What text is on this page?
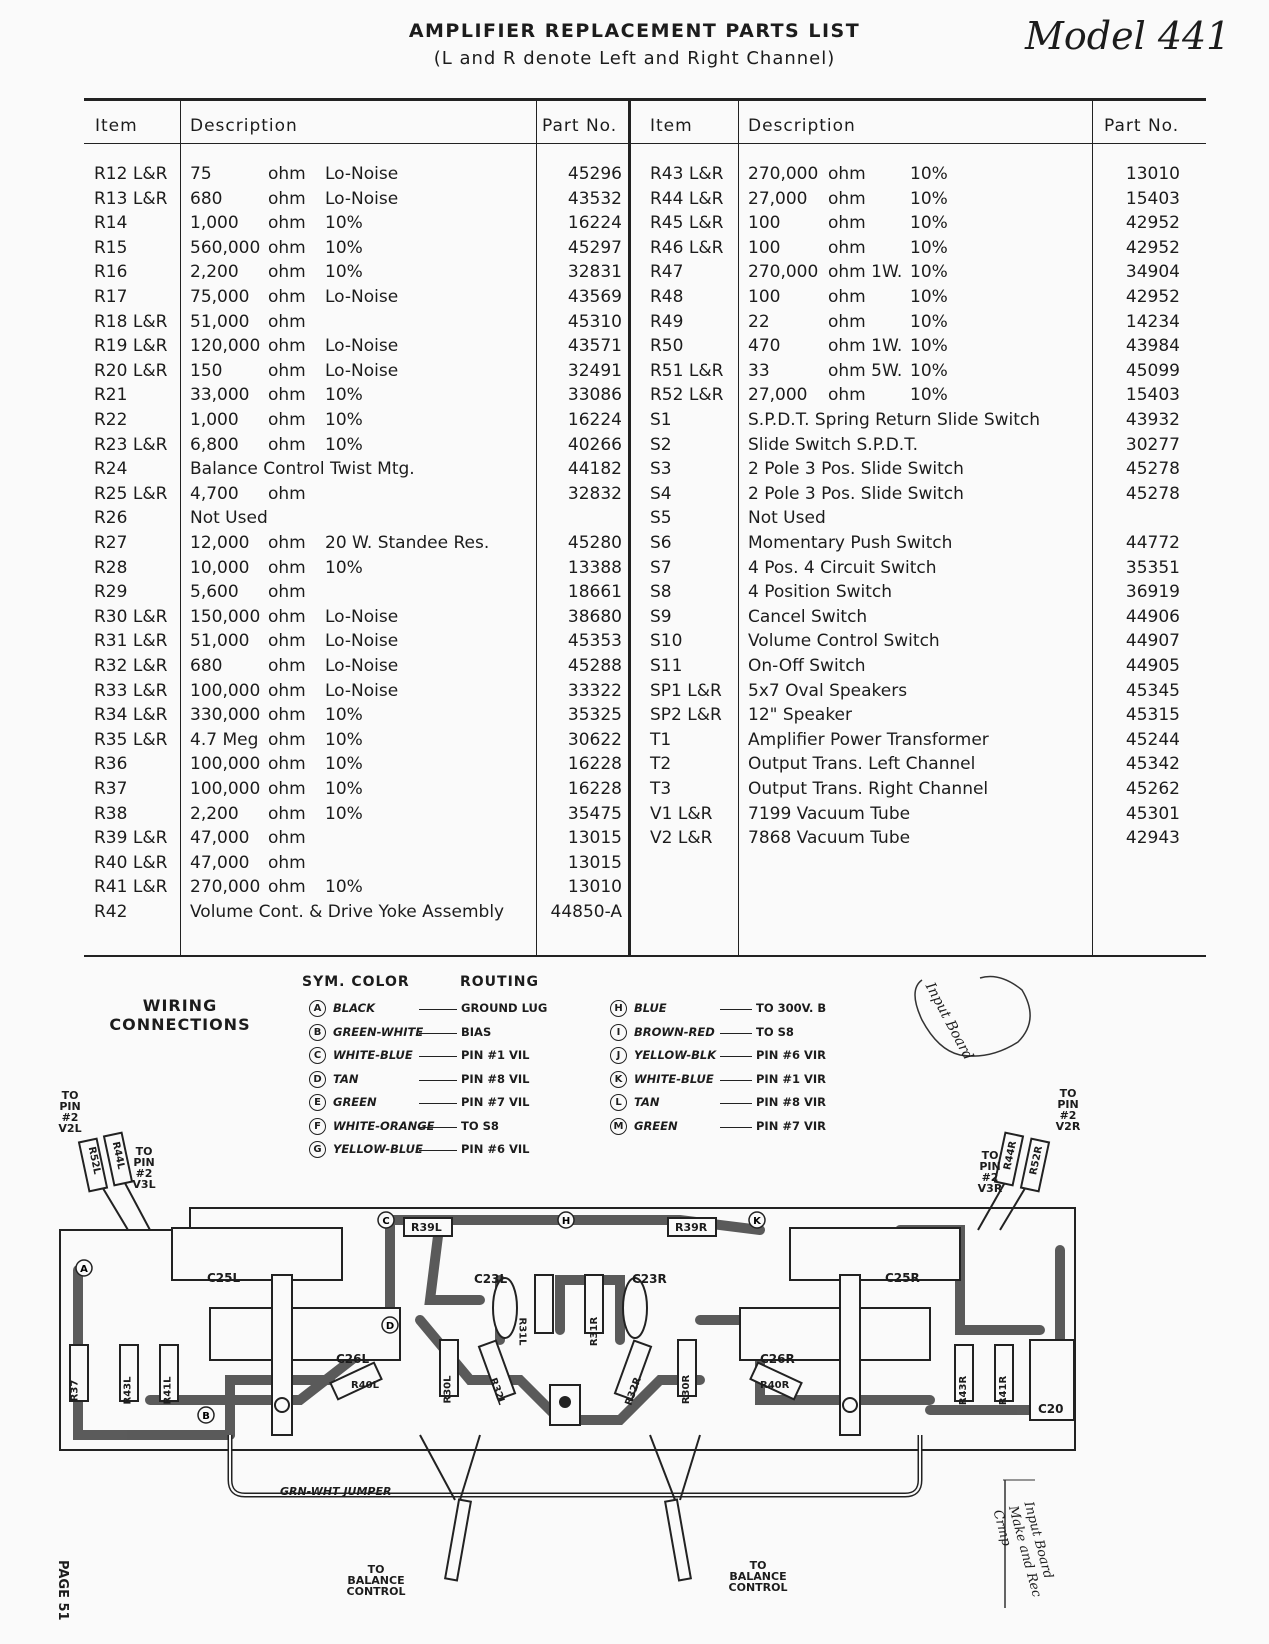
AMPLIFIER REPLACEMENT PARTS LIST
(L and R denote Left and Right Channel)
Model 441
Item	Description	Part No. Item	Description	Part No.
R12 L&R 75	ohm Lo-Noise	45296
R13 L&R 680	ohm Lo-Noise	43532
R14	1,000 ohm 10%	16224
R15	560,000 ohm 10%	45297
R16	2,200 ohm 10%	32831
R17	75,000 ohm Lo-Noise	43569
R18 L&R 51,000 ohm	45310
R19 L&R 120,000 ohm Lo-Noise	43571
R20 L&R 150	ohm Lo-Noise	32491
R21	33,000 ohm 10%	33086
R22	1,000 ohm 10%	16224
R23 L&R 6,800 ohm 10%	40266
R24	Balance Control Twist Mtg.	44182
R25 L&R 4,700 ohm	32832
R26	Not Used
R27	12,000 ohm 20 W. Standee Res.	45280
R28	10,000 ohm 10%	13388
R29	5,600 ohm	18661
R30 L&R 150,000 ohm Lo-Noise	38680
R31 L&R 51,000 ohm Lo-Noise	45353
R32 L&R 680	ohm Lo-Noise	45288
R33 L&R 100,000 ohm Lo-Noise	33322
R34 L&R 330,000 ohm 10%	35325
R35 L&R 4.7 Meg ohm 10%	30622
R36	100,000 ohm 10%	16228
R37	100,000 ohm 10%	16228
R38	2,200 ohm 10%	35475
R39 L&R 47,000 ohm	13015
R40 L&R 47,000 ohm	13015
R41 L&R 270,000 ohm 10%	13010
R42	Volume Cont. & Drive Yoke Assembly	44850-A
R43 L&R 270,000 ohm	10%	13010
R44 L&R 27,000 ohm	10%	15403
R45 L&R 100	ohm	10%	42952
R46 L&R 100	ohm	10%	42952
R47	270,000 ohm 1W. 10%	34904
R48	100	ohm	10%	42952
R49	22	ohm	10%	14234
R50	470	ohm 1W. 10%	43984
R51 L&R 33	ohm 5W. 10%	45099
R52 L&R 27,000 ohm	10%	15403
S1	S.P.D.T. Spring Return Slide Switch	43932
S2	Slide Switch S.P.D.T.	30277
S3	2 Pole 3 Pos. Slide Switch	45278
S4	2 Pole 3 Pos. Slide Switch	45278
S5	Not Used
S6	Momentary Push Switch	44772
S7	4 Pos. 4 Circuit Switch	35351
S8	4 Position Switch	36919
S9	Cancel Switch	44906
S10	Volume Control Switch	44907
S11	On-Off Switch	44905
SP1 L&R 5x7 Oval Speakers	45345
SP2 L&R 12" Speaker	45315
T1	Amplifier Power Transformer	45244
T2	Output Trans. Left Channel	45342
T3	Output Trans. Right Channel	45262
V1 L&R 7199 Vacuum Tube	45301
V2 L&R 7868 Vacuum Tube	42943
WIRING
CONNECTIONS
SYM. COLOR	ROUTING
A	BLACK	GROUND LUG
B	GREEN-WHITE	BIAS
C	WHITE-BLUE	PIN #1 VIL
D TAN	PIN #8 VIL
E	GREEN	PIN #7 VIL
F	WHITE-ORANGE TO S8
G YELLOW-BLUE	PIN #6 VIL
H BLUE	TO 300V. B
I	BROWN-RED	TO S8
J	YELLOW-BLK	PIN #6 VIR
K	WHITE-BLUE	PIN #1 VIR
L	TAN	PIN #8 VIR
M GREEN	PIN #7 VIR
A
B
C
D
H	K
C25L
C26L
C25R
C26R
C20
C23L	C23R
R39L	R39R
R40L	R40R
R31L	R31R
R30L	R30R
R32L	R32R
R37	R43L	R41L	R43R	R41R
R52L R44L	R44R R52R
TO PIN #2 V2L
TO PIN #2 V3L
TO PIN #2 V2R
TO PIN #2 V3R
TO BALANCE CONTROL
TO BALANCE CONTROL
GRN-WHT JUMPER
Input Board
Input Board Make and Rec Crmp
PAGE 51
